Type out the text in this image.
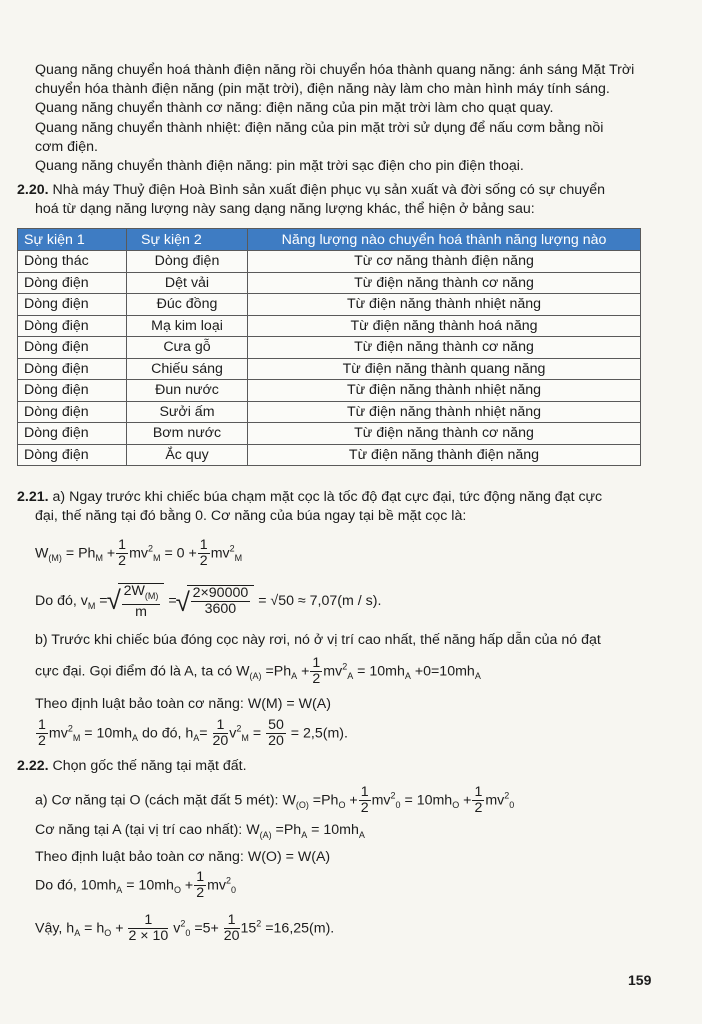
Quang năng chuyển hoá thành điện năng rồi chuyển hóa thành quang năng: ánh sáng Mặt Trời
chuyển hóa thành điện năng (pin mặt trời), điện năng này làm cho màn hình máy tính sáng.
Quang năng chuyển thành cơ năng: điện năng của pin mặt trời làm cho quạt quay.
Quang năng chuyển thành nhiệt: điện năng của pin mặt trời sử dụng để nấu cơm bằng nồi
cơm điện.
Quang năng chuyển thành điện năng: pin mặt trời sạc điện cho pin điện thoại.
2.20. Nhà máy Thuỷ điện Hoà Bình sản xuất điện phục vụ sản xuất và đời sống có sự chuyển
hoá từ dạng năng lượng này sang dạng năng lượng khác, thể hiện ở bảng sau:
Sự kiện 1	Sự kiện 2	Năng lượng nào chuyển hoá thành năng lượng nào
Dòng thác	Dòng điện	Từ cơ năng thành điện năng
Dòng điện	Dệt vải	Từ điện năng thành cơ năng
Dòng điện	Đúc đồng	Từ điện năng thành nhiệt năng
Dòng điện	Mạ kim loại	Từ điện năng thành hoá năng
Dòng điện	Cưa gỗ	Từ điện năng thành cơ năng
Dòng điện	Chiếu sáng	Từ điện năng thành quang năng
Dòng điện	Đun nước	Từ điện năng thành nhiệt năng
Dòng điện	Sưởi ấm	Từ điện năng thành nhiệt năng
Dòng điện	Bơm nước	Từ điện năng thành cơ năng
Dòng điện	Ắc quy	Từ điện năng thành điện năng
2.21. a) Ngay trước khi chiếc búa chạm mặt cọc là tốc độ đạt cực đại, tức động năng đạt cực
đại, thế năng tại đó bằng 0. Cơ năng của búa ngay tại bề mặt cọc là:
$W_{(M)} = Ph_M + \frac{1}{2} mv^2_M = 0 + \frac{1}{2} mv^2_M$
Do đó, $v_M$ = √ $\frac{2W_{(M)}}{m}$ = √ $\frac{2\times 90000}{3600} = √50 \approx 7,07(m / s)$.
b) Trước khi chiếc búa đóng cọc này rơi, nó ở vị trí cao nhất, thế năng hấp dẫn của nó đạt
cực đại. Gọi điểm đó là A, ta có $W_{(A)} =Ph_A + \frac{1}{2} mv^2_A = 10mh_A +0=10mh_A$
Theo định luật bảo toàn cơ năng: W(M) = W(A)
$\frac{1}{2} mv^2_M = 10mh_A$ do đó, $h_A= \frac{1}{20} v^2_M = \frac{50}{20} = 2,5(m)$.
2.22. Chọn gốc thế năng tại mặt đất.
a) Cơ năng tại O (cách mặt đất 5 mét): $W_{(O)} =Ph_O + \frac{1}{2} mv^2_0 = 10mh_O + \frac{1}{2} mv^2_0$
Cơ năng tại A (tại vị trí cao nhất): $W_{(A)} =Ph_A = 10mh_A$
Theo định luật bảo toàn cơ năng: W(O) = W(A)
Do đó, $10mh_A = 10mh_O + \frac{1}{2} mv^2_0$
Vậy, $h_A = h_O + \frac{1}{2 \times 10} v^2_0 =5+ \frac{1}{20} 15^2 =16,25(m)$.
159
